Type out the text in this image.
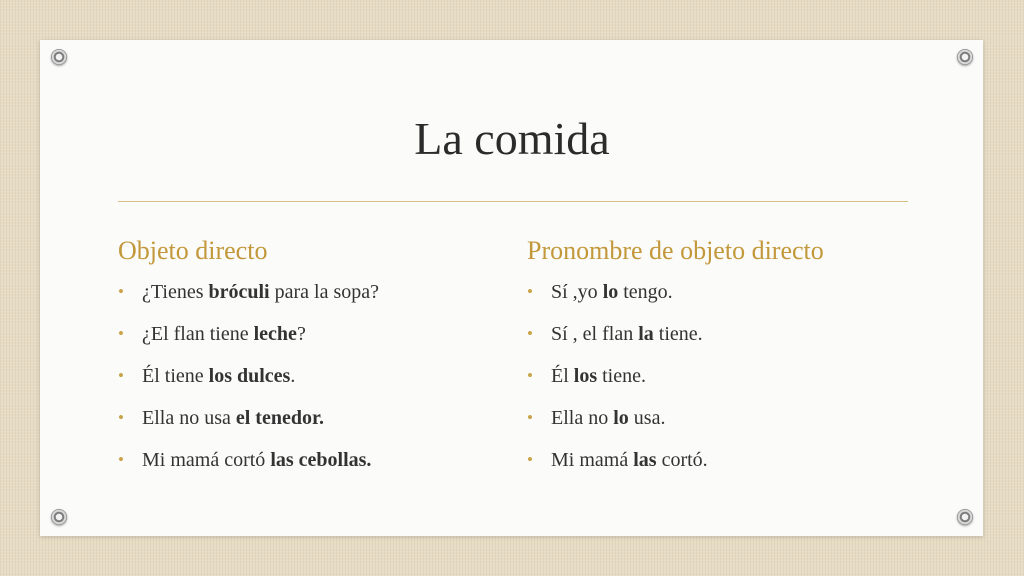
La comida
Objeto directo
• ¿Tienes bróculi para la sopa?
• ¿El flan tiene leche?
• Él tiene los dulces.
• Ella no usa el tenedor.
• Mi mamá cortó las cebollas.
Pronombre de objeto directo
• Sí ,yo lo tengo.
• Sí , el flan la tiene.
• Él los tiene.
• Ella no lo usa.
• Mi mamá las cortó.
